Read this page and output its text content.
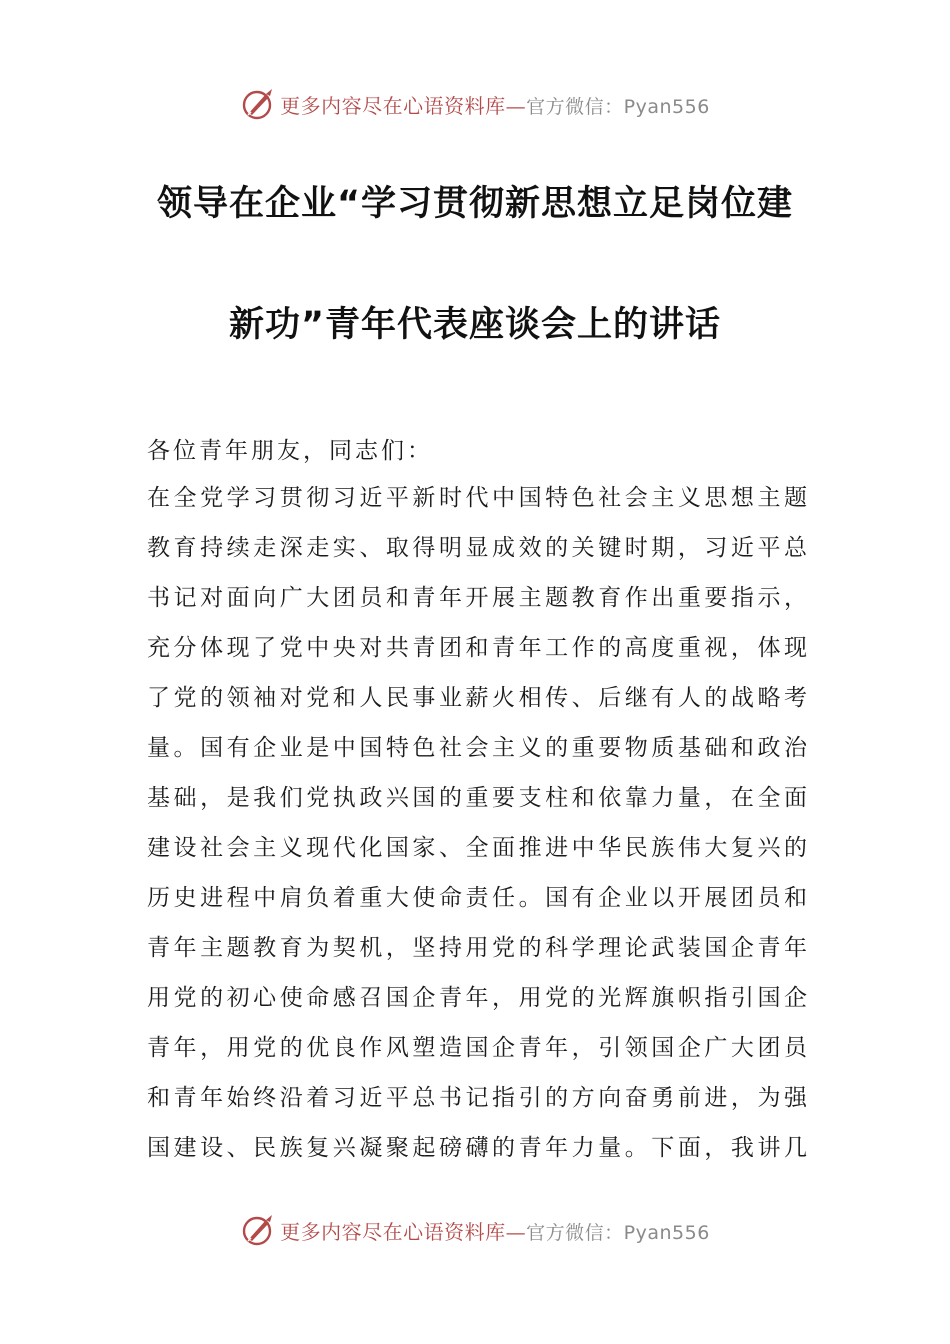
更多内容尽在心语资料库—官方微信：Pyan556
领导在企业“学习贯彻新思想立足岗位建
新功”青年代表座谈会上的讲话
各位青年朋友，同志们：
在全党学习贯彻习近平新时代中国特色社会主义思想主题
教育持续走深走实、取得明显成效的关键时期，习近平总
书记对面向广大团员和青年开展主题教育作出重要指示，
充分体现了党中央对共青团和青年工作的高度重视，体现
了党的领袖对党和人民事业薪火相传、后继有人的战略考
量。国有企业是中国特色社会主义的重要物质基础和政治
基础，是我们党执政兴国的重要支柱和依靠力量，在全面
建设社会主义现代化国家、全面推进中华民族伟大复兴的
历史进程中肩负着重大使命责任。国有企业以开展团员和
青年主题教育为契机，坚持用党的科学理论武装国企青年
用党的初心使命感召国企青年，用党的光辉旗帜指引国企
青年，用党的优良作风塑造国企青年，引领国企广大团员
和青年始终沿着习近平总书记指引的方向奋勇前进，为强
国建设、民族复兴凝聚起磅礴的青年力量。下面，我讲几
更多内容尽在心语资料库—官方微信：Pyan556
